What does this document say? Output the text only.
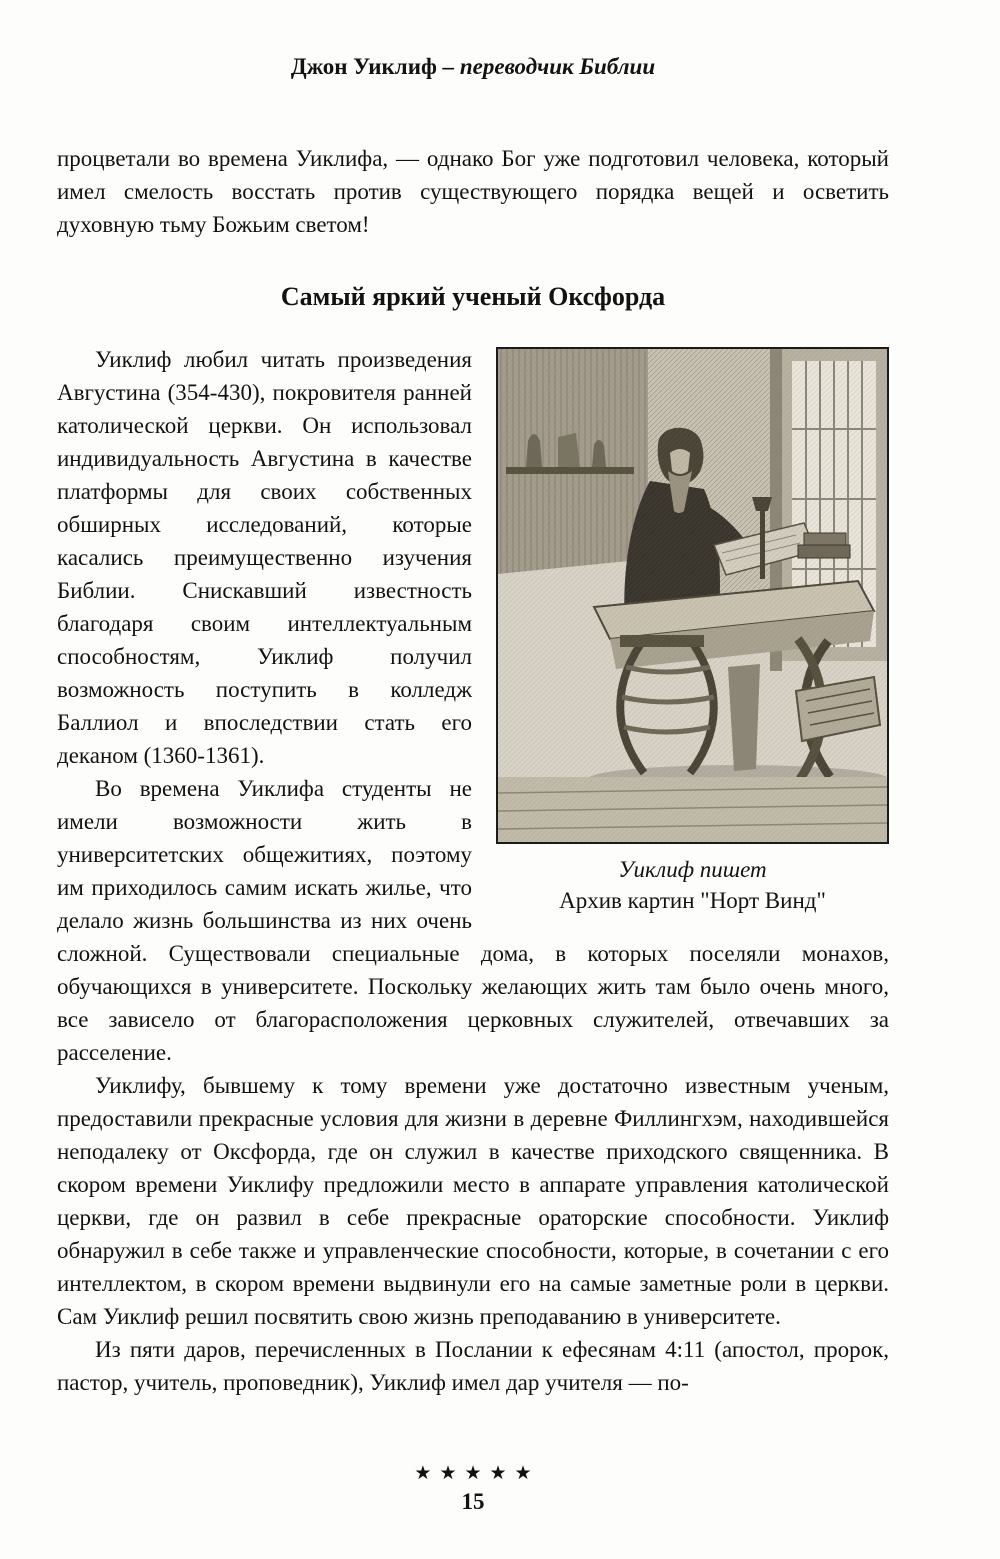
Джон Уиклиф – переводчик Библии

процветали во времена Уиклифа, — однако Бог уже подготовил человека, который имел смелость восстать против существующего порядка вещей и осветить духовную тьму Божьим светом!

Самый яркий ученый Оксфорда
Уиклиф пишет
Архив картин "Норт Винд"

Уиклиф любил читать произведения Августина (354-430), покровителя ранней католической церкви. Он использовал индивидуальность Августина в качестве платформы для своих собственных обширных исследований, которые касались преимущественно изучения Библии. Снискавший известность благодаря своим интеллектуальным способностям, Уиклиф получил возможность поступить в колледж Баллиол и впоследствии стать его деканом (1360-1361).

Во времена Уиклифа студенты не имели возможности жить в университетских общежитиях, поэтому им приходилось самим искать жилье, что делало жизнь большинства из них очень сложной. Существовали специальные дома, в которых поселяли монахов, обучающихся в университете. Поскольку желающих жить там было очень много, все зависело от благорасположения церковных служителей, отвечавших за расселение.

Уиклифу, бывшему к тому времени уже достаточно известным ученым, предоставили прекрасные условия для жизни в деревне Филлингхэм, находившейся неподалеку от Оксфорда, где он служил в качестве приходского священника. В скором времени Уиклифу предложили место в аппарате управления католической церкви, где он развил в себе прекрасные ораторские способности. Уиклиф обнаружил в себе также и управленческие способности, которые, в сочетании с его интеллектом, в скором времени выдвинули его на самые заметные роли в церкви. Сам Уиклиф решил посвятить свою жизнь преподаванию в университете.

Из пяти даров, перечисленных в Послании к ефесянам 4:11 (апостол, пророк, пастор, учитель, проповедник), Уиклиф имел дар учителя — по-

★★★★★
15
